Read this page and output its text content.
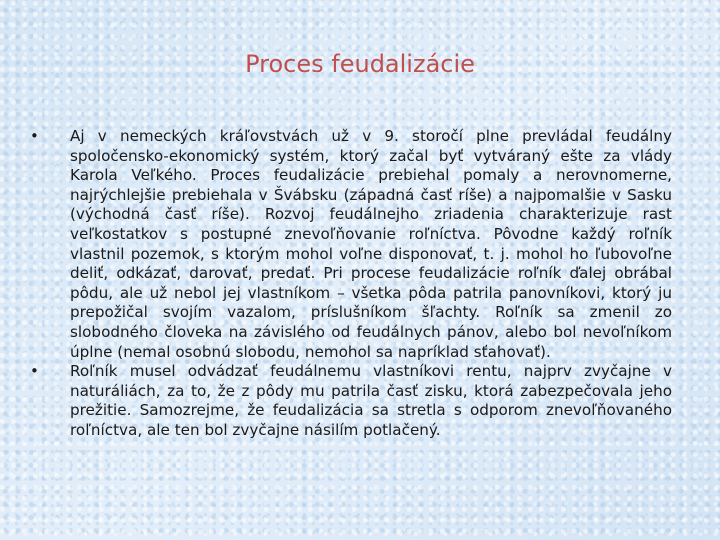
Proces feudalizácie
• Aj v nemeckých kráľovstvách už v 9. storočí plne prevládal feudálny spoločensko-ekonomický systém, ktorý začal byť vytváraný ešte za vlády Karola Veľkého. Proces feudalizácie prebiehal pomaly a nerovnomerne, najrýchlejšie prebiehala v Švábsku (západná časť ríše) a najpomalšie v Sasku (východná časť ríše). Rozvoj feudálnejho zriadenia charakterizuje rast veľkostatkov s postupné znevoľňovanie roľníctva. Pôvodne každý roľník vlastnil pozemok, s ktorým mohol voľne disponovať, t. j. mohol ho ľubovoľne deliť, odkázať, darovať, predať. Pri procese feudalizácie roľník ďalej obrábal pôdu, ale už nebol jej vlastníkom – všetka pôda patrila panovníkovi, ktorý ju prepožičal svojím vazalom, príslušníkom šľachty. Roľník sa zmenil zo slobodného človeka na závislého od feudálnych pánov, alebo bol nevoľníkom úplne (nemal osobnú slobodu, nemohol sa napríklad sťahovať).
• Roľník musel odvádzať feudálnemu vlastníkovi rentu, najprv zvyčajne v naturáliách, za to, že z pôdy mu patrila časť zisku, ktorá zabezpečovala jeho prežitie. Samozrejme, že feudalizácia sa stretla s odporom znevoľňovaného roľníctva, ale ten bol zvyčajne násilím potlačený.
